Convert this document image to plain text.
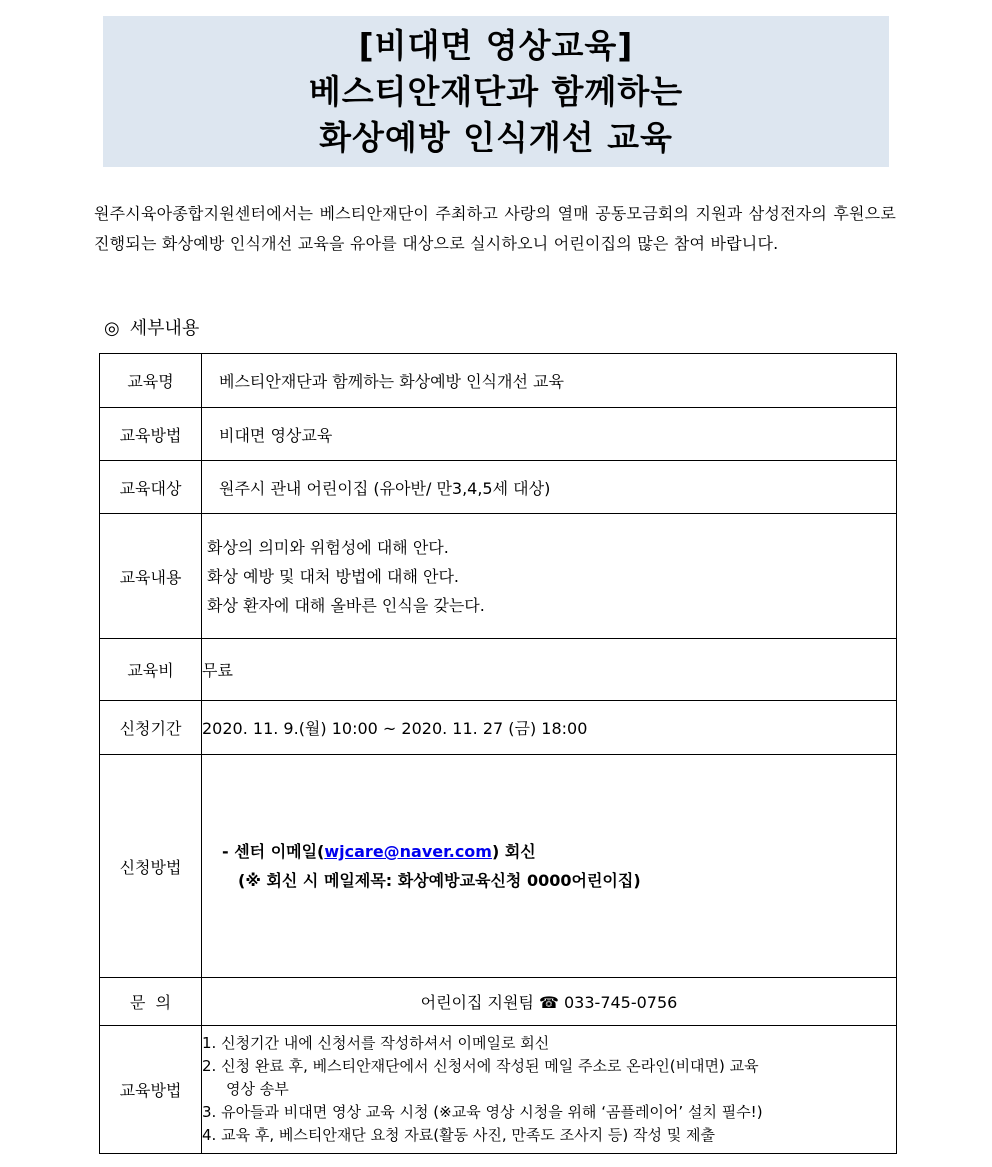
[비대면 영상교육]
베스티안재단과 함께하는
화상예방 인식개선 교육
원주시육아종합지원센터에서는 베스티안재단이 주최하고 사랑의 열매 공동모금회의 지원과 삼성전자의 후원으로 진행되는 화상예방 인식개선 교육을 유아를 대상으로 실시하오니 어린이집의 많은 참여 바랍니다.
◎ 세부내용
교육명	베스티안재단과 함께하는 화상예방 인식개선 교육
교육방법	비대면 영상교육
교육대상	원주시 관내 어린이집 (유아반/ 만3,4,5세 대상)
교육내용	화상의 의미와 위험성에 대해 안다.
화상 예방 및 대처 방법에 대해 안다.
화상 환자에 대해 올바른 인식을 갖는다.

교육비	무료
신청기간	2020. 11. 9.(월) 10:00 ~ 2020. 11. 27 (금) 18:00
신청방법	- 센터 이메일(wjcare@naver.com) 회신
(※ 회신 시 메일제목: 화상예방교육신청 0000어린이집)

문  의	어린이집 지원팀 ☎ 033-745-0756
교육방법	1. 신청기간 내에 신청서를 작성하셔서 이메일로 회신
2. 신청 완료 후, 베스티안재단에서 신청서에 작성된 메일 주소로 온라인(비대면) 교육
영상 송부
3. 유아들과 비대면 영상 교육 시청 (※교육 영상 시청을 위해 ‘곰플레이어’ 설치 필수!)
4. 교육 후, 베스티안재단 요청 자료(활동 사진, 만족도 조사지 등) 작성 및 제출
